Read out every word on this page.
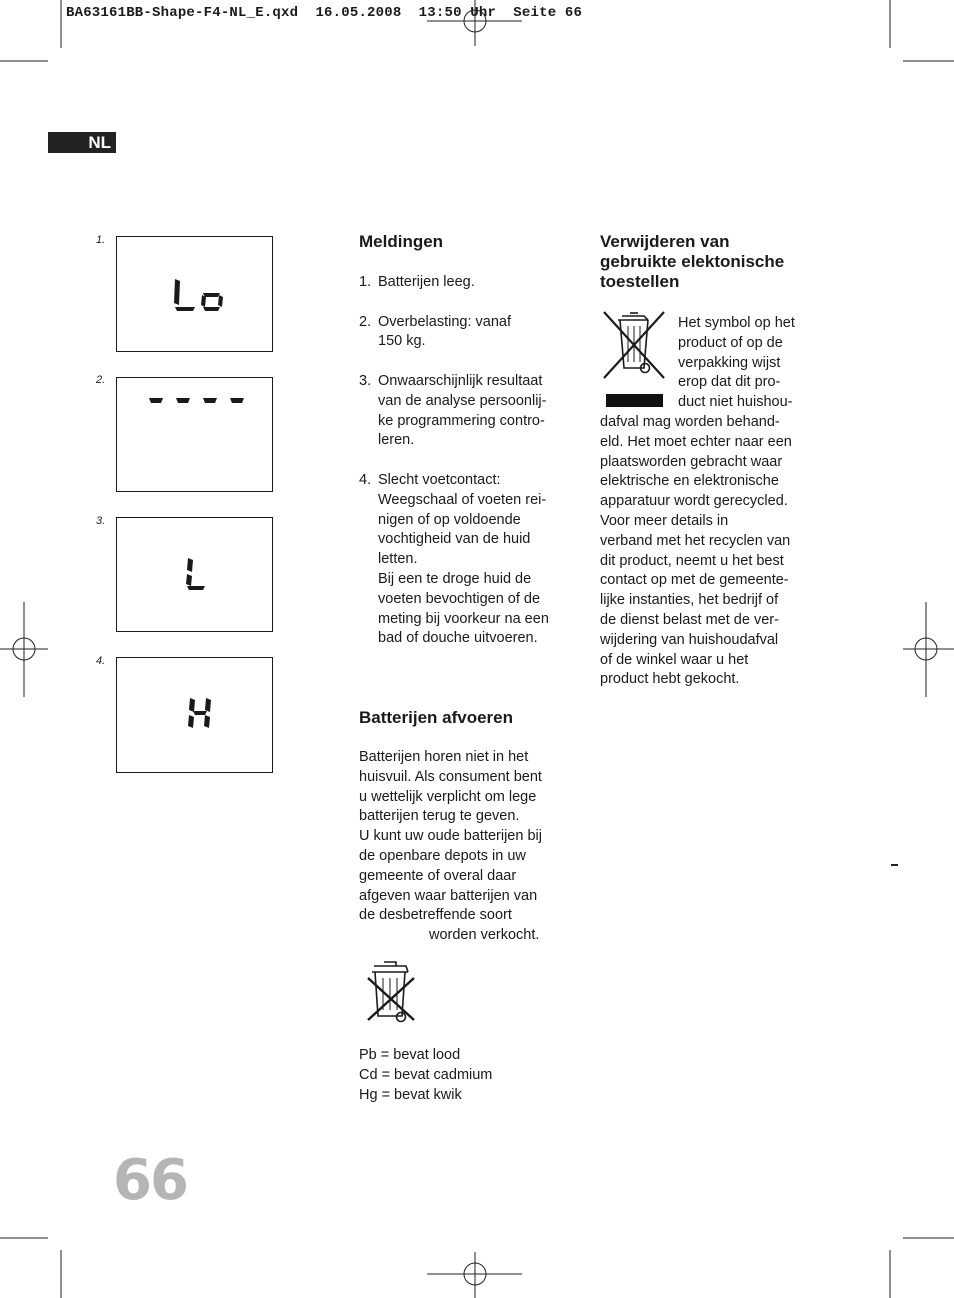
BA63161BB-Shape-F4-NL_E.qxd 16.05.2008 13:50 Uhr Seite 66
NL
1.
2.
3.
4.
Meldingen
1. Batterijen leeg.
2. Overbelasting: vanaf
150 kg.
3. Onwaarschijnlijk resultaat
van de analyse persoonlij-
ke programmering contro-
leren.
4. Slecht voetcontact:
Weegschaal of voeten rei-
nigen of op voldoende
vochtigheid van de huid
letten.
Bij een te droge huid de
voeten bevochtigen of de
meting bij voorkeur na een
bad of douche uitvoeren.
Batterijen afvoeren

Batterijen horen niet in het

huisvuil. Als consument bent

u wettelijk verplicht om lege

batterijen terug te geven.

U kunt uw oude batterijen bij

de openbare depots in uw

gemeente of overal daar

afgeven waar batterijen van

de desbetreffende soort

worden verkocht.

Pb = bevat lood

Cd = bevat cadmium

Hg = bevat kwik

Verwijderen van
gebruikte elektonische
toestellen

Het symbol op het

product of op de

verpakking wijst

erop dat dit pro-

duct niet huishou-

dafval mag worden behand-

eld. Het moet echter naar een

plaatsworden gebracht waar

elektrische en elektronische

apparatuur wordt gerecycled.

Voor meer details in

verband met het recyclen van

dit product, neemt u het best

contact op met de gemeente-

lijke instanties, het bedrijf of

de dienst belast met de ver-

wijdering van huishoudafval

of de winkel waar u het

product hebt gekocht.

66
